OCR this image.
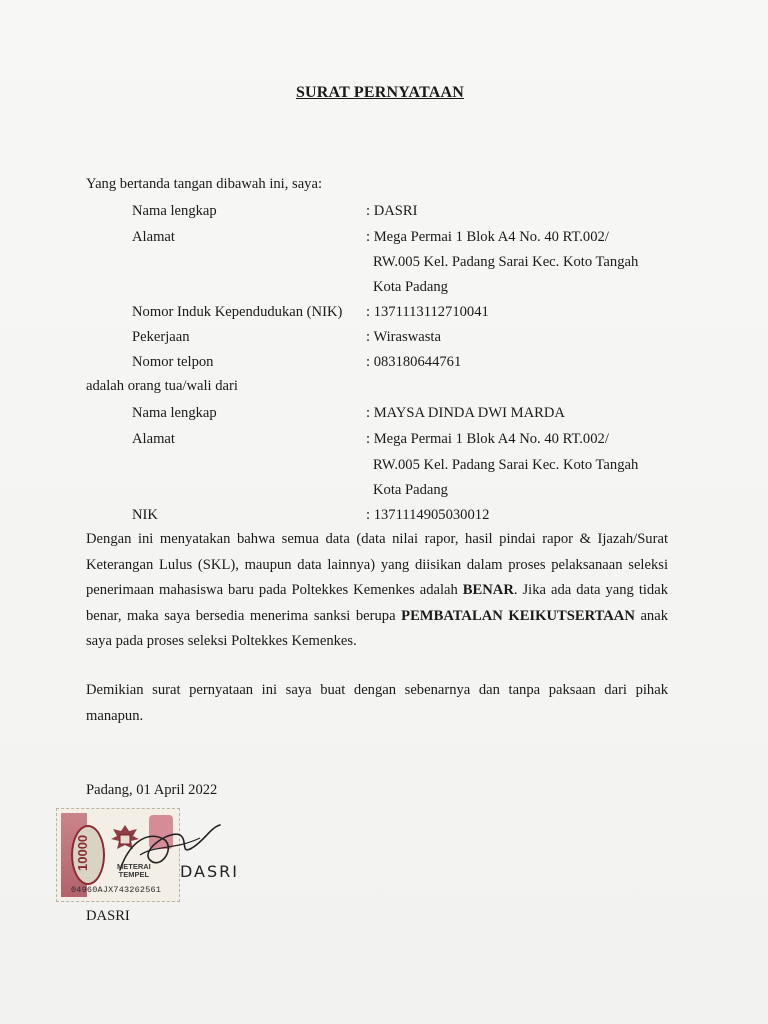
SURAT PERNYATAAN
Yang bertanda tangan dibawah ini, saya:
Nama lengkap	: DASRI
Alamat	: Mega Permai 1 Blok A4 No. 40 RT.002/
RW.005 Kel. Padang Sarai Kec. Koto Tangah
Kota Padang
Nomor Induk Kependudukan (NIK) : 1371113112710041
Pekerjaan	: Wiraswasta
Nomor telpon	: 083180644761
adalah orang tua/wali dari
Nama lengkap	: MAYSA DINDA DWI MARDA
Alamat	: Mega Permai 1 Blok A4 No. 40 RT.002/
RW.005 Kel. Padang Sarai Kec. Koto Tangah
Kota Padang
NIK	: 1371114905030012
Dengan ini menyatakan bahwa semua data (data nilai rapor, hasil pindai rapor & Ijazah/Surat Keterangan Lulus (SKL), maupun data lainnya) yang diisikan dalam proses pelaksanaan seleksi penerimaan mahasiswa baru pada Poltekkes Kemenkes adalah BENAR. Jika ada data yang tidak benar, maka saya bersedia menerima sanksi berupa PEMBATALAN KEIKUTSERTAAN anak saya pada proses seleksi Poltekkes Kemenkes.
Demikian surat pernyataan ini saya buat dengan sebenarnya dan tanpa paksaan dari pihak manapun.
Padang, 01 April 2022
10000	METERAI
TEMPEL
04960AJX743262561
DASRI
DASRI
